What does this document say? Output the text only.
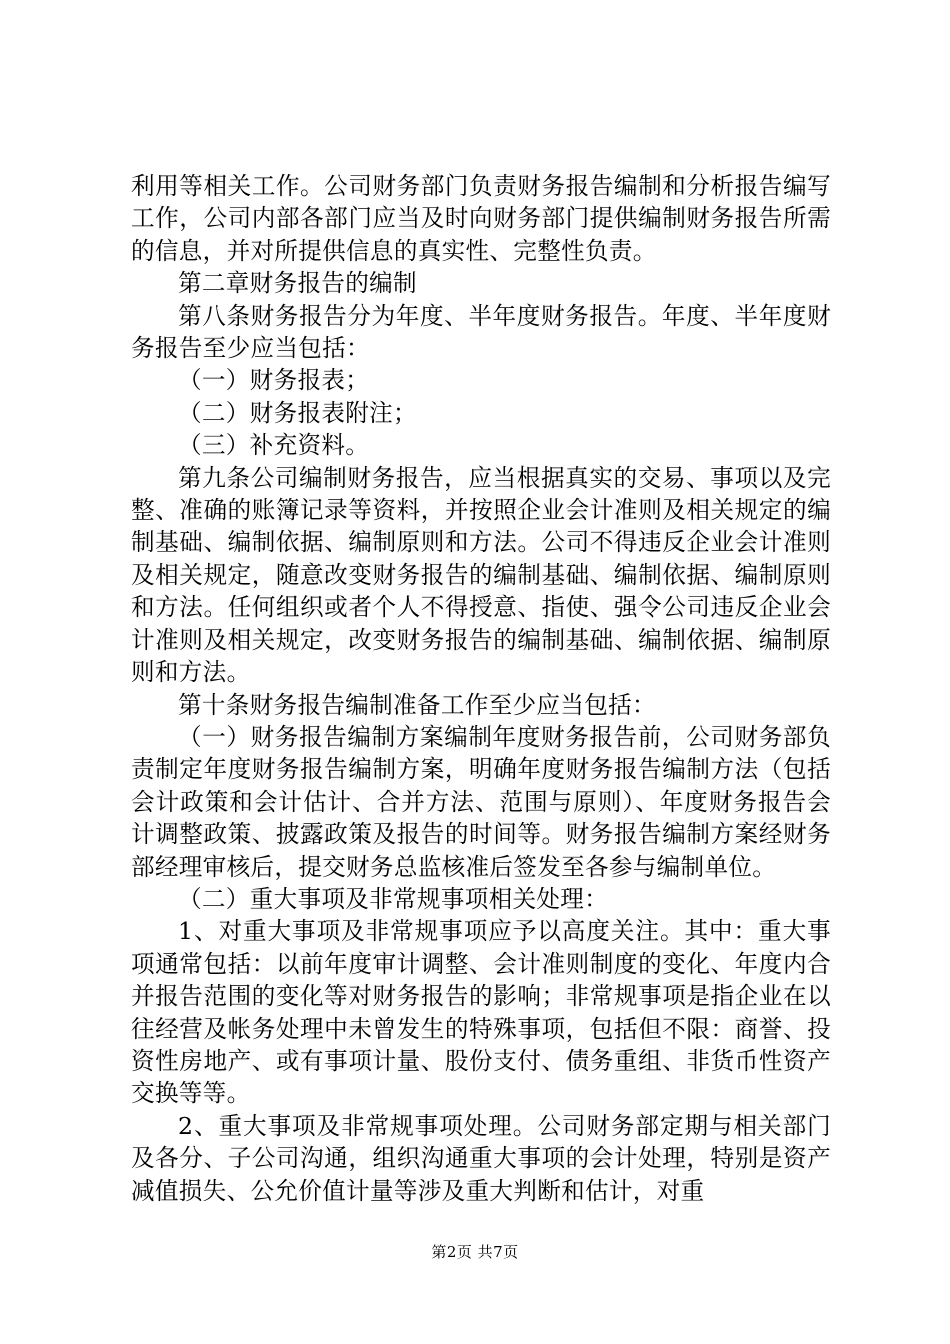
利用等相关工作。公司财务部门负责财务报告编制和分析报告编写工作，公司内部各部门应当及时向财务部门提供编制财务报告所需的信息，并对所提供信息的真实性、完整性负责。

第二章财务报告的编制

第八条财务报告分为年度、半年度财务报告。年度、半年度财务报告至少应当包括：

（一）财务报表；

（二）财务报表附注；

（三）补充资料。

第九条公司编制财务报告，应当根据真实的交易、事项以及完整、准确的账簿记录等资料，并按照企业会计准则及相关规定的编制基础、编制依据、编制原则和方法。公司不得违反企业会计准则及相关规定，随意改变财务报告的编制基础、编制依据、编制原则和方法。任何组织或者个人不得授意、指使、强令公司违反企业会计准则及相关规定，改变财务报告的编制基础、编制依据、编制原则和方法。

第十条财务报告编制准备工作至少应当包括：

（一）财务报告编制方案编制年度财务报告前，公司财务部负责制定年度财务报告编制方案，明确年度财务报告编制方法（包括会计政策和会计估计、合并方法、范围与原则）、年度财务报告会计调整政策、披露政策及报告的时间等。财务报告编制方案经财务部经理审核后，提交财务总监核准后签发至各参与编制单位。

（二）重大事项及非常规事项相关处理：

1、对重大事项及非常规事项应予以高度关注。其中：重大事项通常包括：以前年度审计调整、会计准则制度的变化、年度内合并报告范围的变化等对财务报告的影响；非常规事项是指企业在以往经营及帐务处理中未曾发生的特殊事项，包括但不限：商誉、投资性房地产、或有事项计量、股份支付、债务重组、非货币性资产交换等等。

2、重大事项及非常规事项处理。公司财务部定期与相关部门及各分、子公司沟通，组织沟通重大事项的会计处理，特别是资产减值损失、公允价值计量等涉及重大判断和估计，对重

第2页 共7页
